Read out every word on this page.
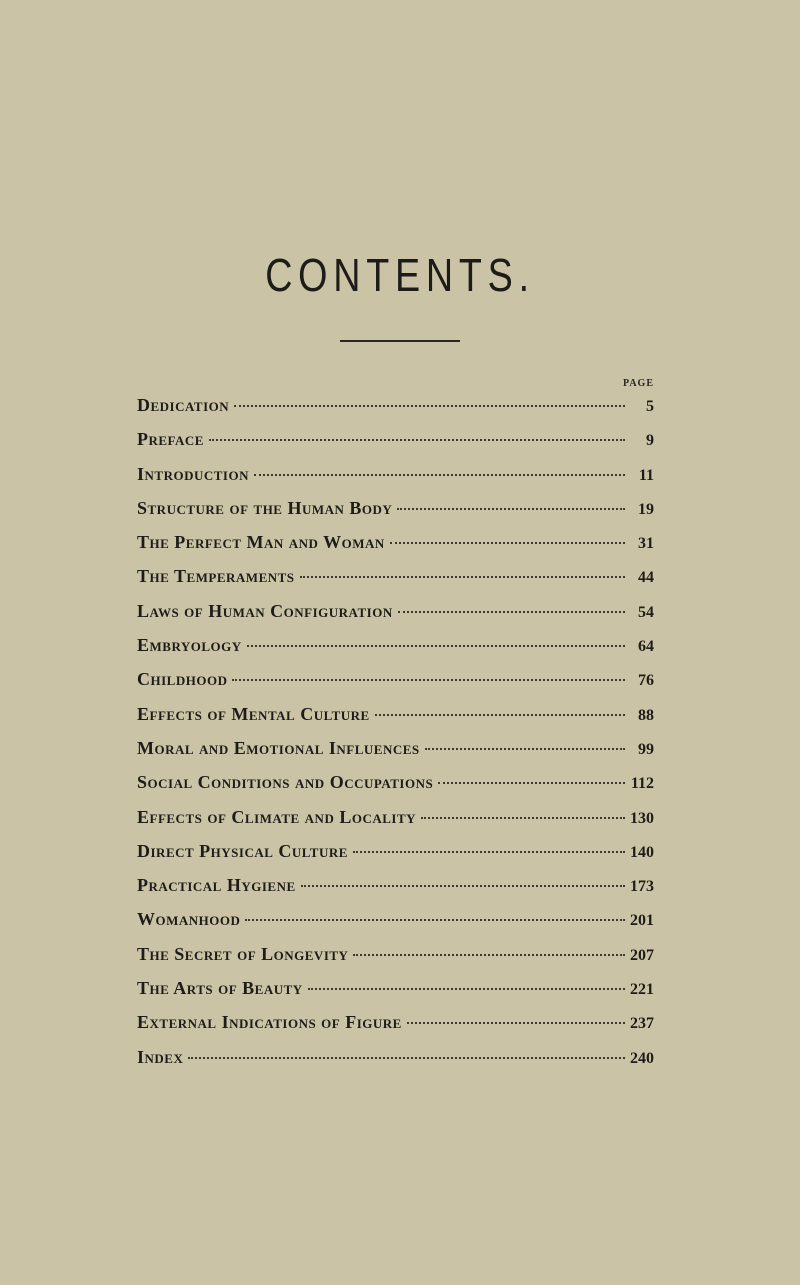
CONTENTS.
PAGE
Dedication	5
Preface	9
Introduction	11
Structure of the Human Body	19
The Perfect Man and Woman	31
The Temperaments	44
Laws of Human Configuration	54
Embryology	64
Childhood	76
Effects of Mental Culture	88
Moral and Emotional Influences	99
Social Conditions and Occupations	112
Effects of Climate and Locality	130
Direct Physical Culture	140
Practical Hygiene	173
Womanhood	201
The Secret of Longevity	207
The Arts of Beauty	221
External Indications of Figure	237
Index	240
